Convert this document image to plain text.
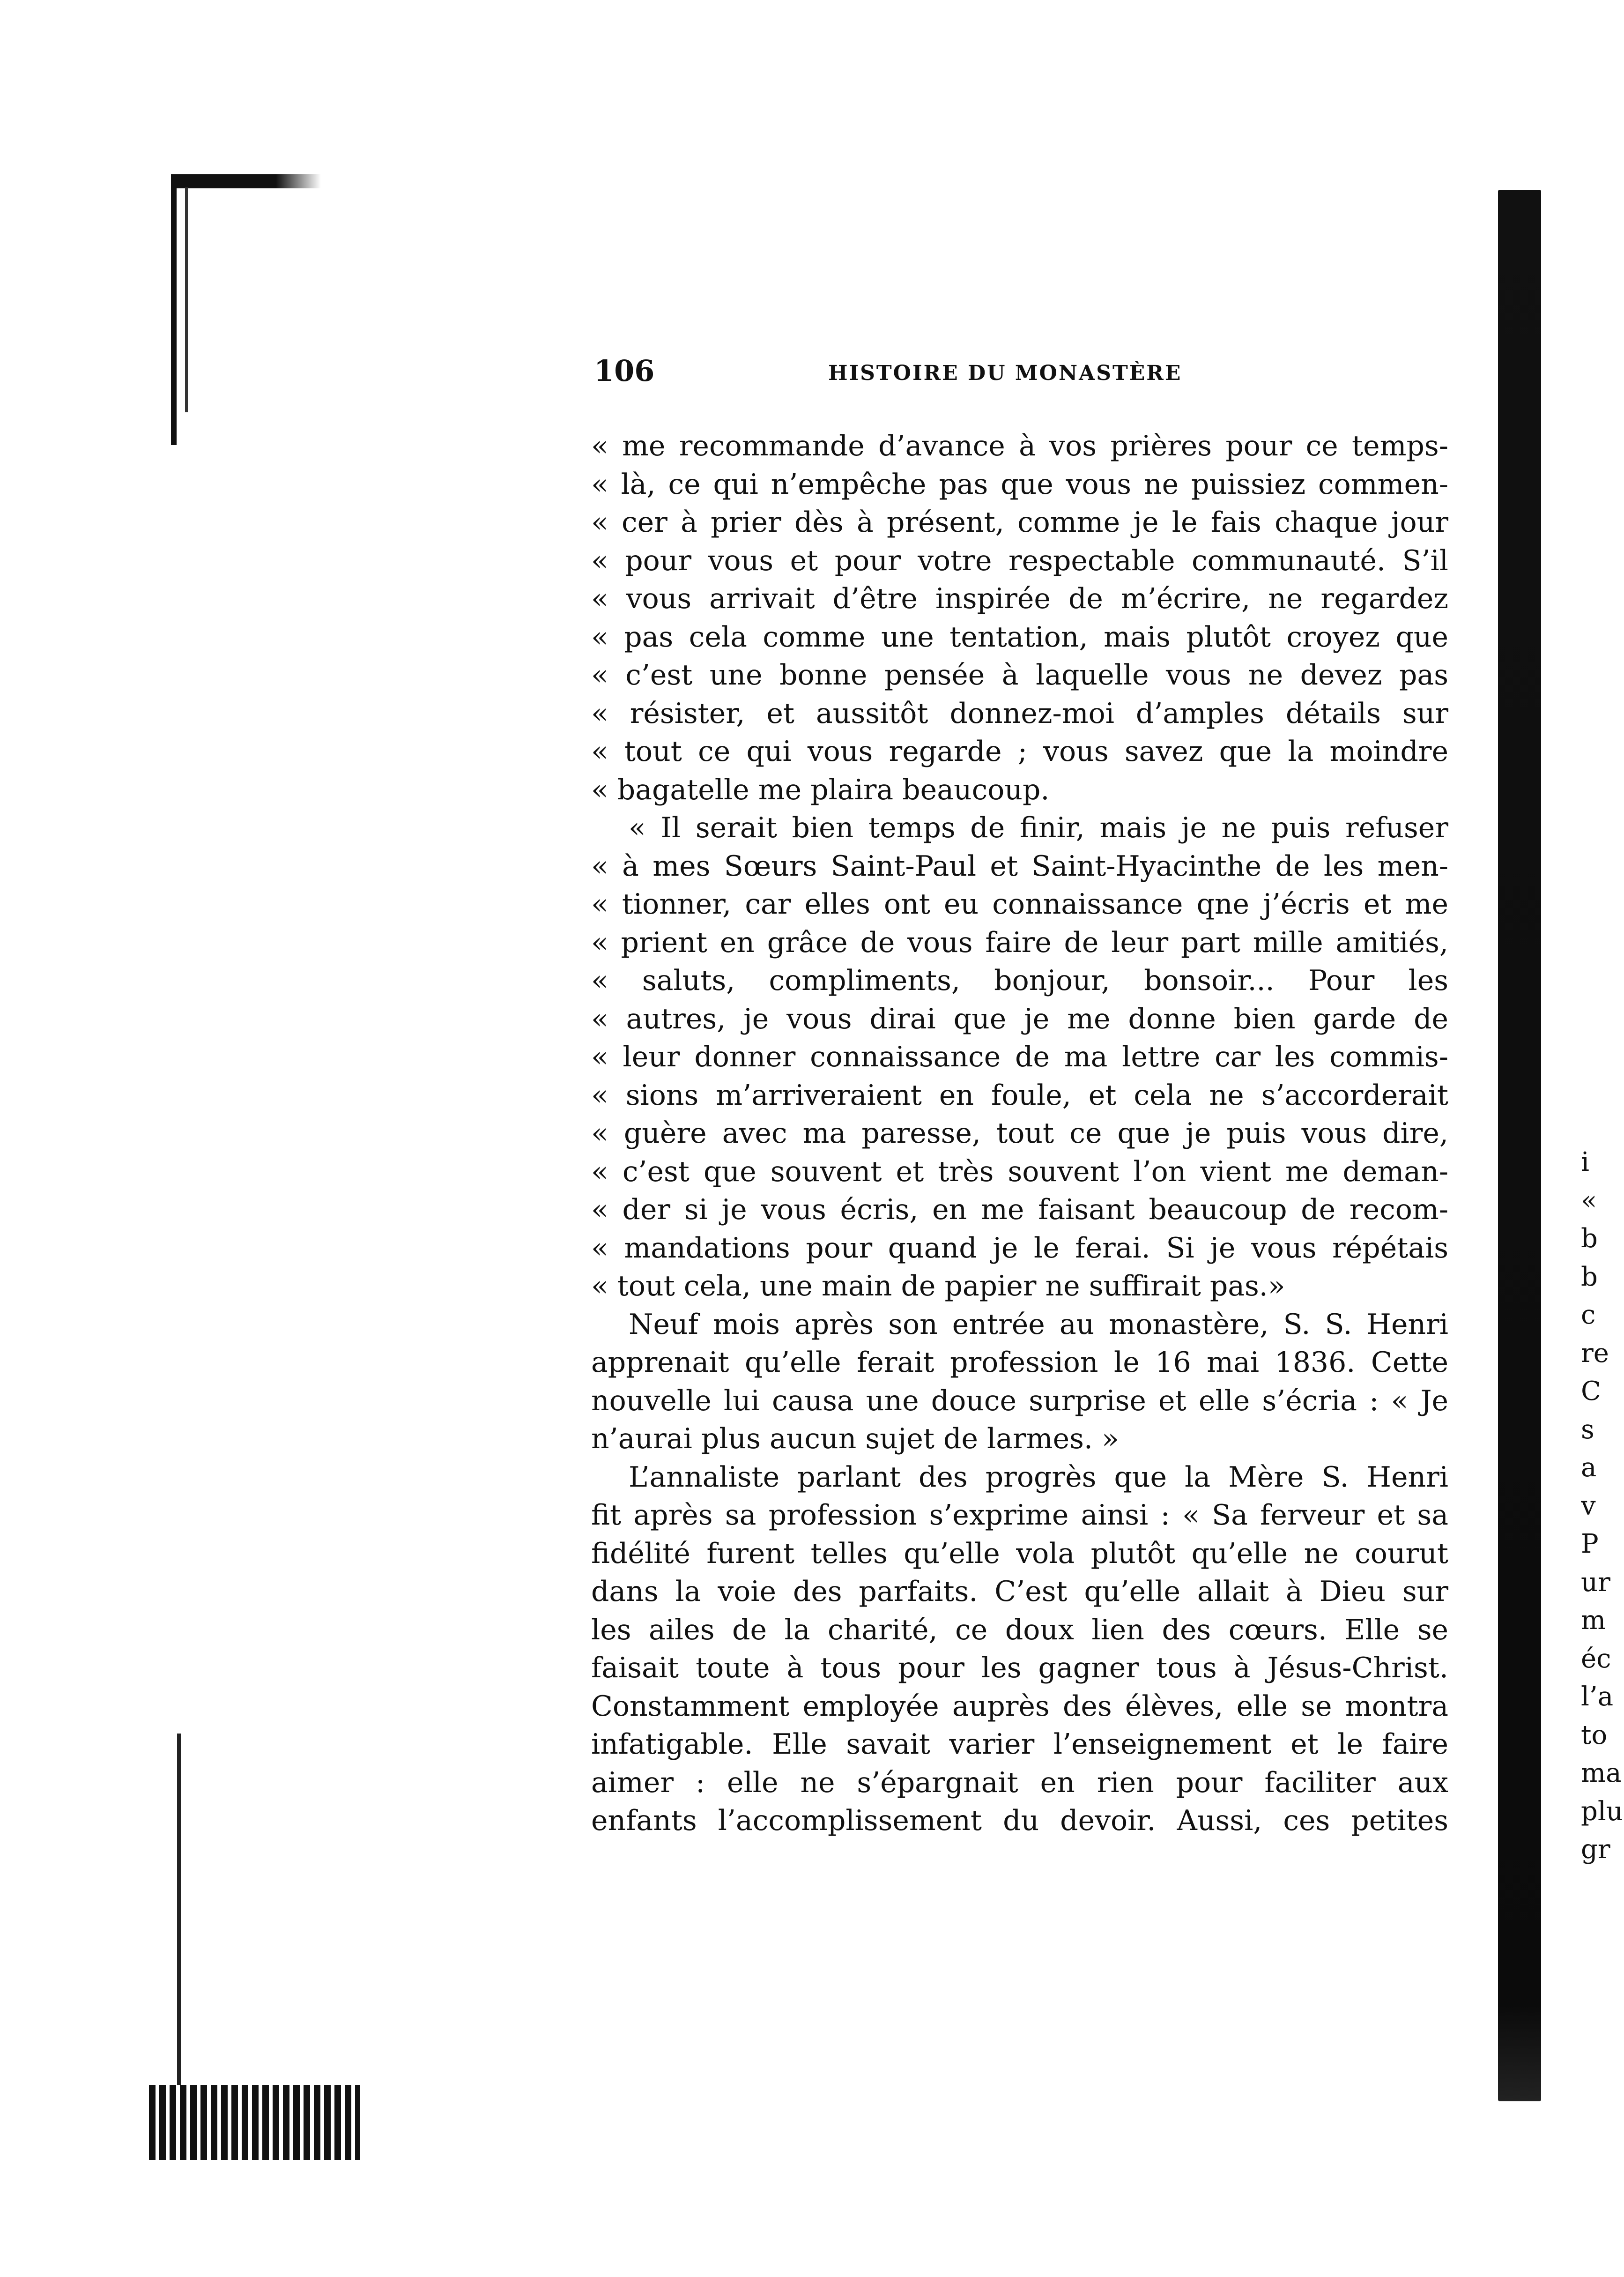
106	HISTOIRE DU MONASTÈRE
« me recommande d’avance à vos prières pour ce temps-
« là, ce qui n’empêche pas que vous ne puissiez commen-
« cer à prier dès à présent, comme je le fais chaque jour
« pour vous et pour votre respectable communauté. S’il
« vous arrivait d’être inspirée de m’écrire, ne regardez
« pas cela comme une tentation, mais plutôt croyez que
« c’est une bonne pensée à laquelle vous ne devez pas
« résister, et aussitôt donnez-moi d’amples détails sur
« tout ce qui vous regarde ; vous savez que la moindre
« bagatelle me plaira beaucoup.
« Il serait bien temps de finir, mais je ne puis refuser
« à mes Sœurs Saint-Paul et Saint-Hyacinthe de les men-
« tionner, car elles ont eu connaissance qne j’écris et me
« prient en grâce de vous faire de leur part mille amitiés,
« saluts, compliments, bonjour, bonsoir... Pour les
« autres, je vous dirai que je me donne bien garde de
« leur donner connaissance de ma lettre car les commis-
« sions m’arriveraient en foule, et cela ne s’accorderait
« guère avec ma paresse, tout ce que je puis vous dire,
« c’est que souvent et très souvent l’on vient me deman-
« der si je vous écris, en me faisant beaucoup de recom-
« mandations pour quand je le ferai. Si je vous répétais
« tout cela, une main de papier ne suffirait pas.»
Neuf mois après son entrée au monastère, S. S. Henri
apprenait qu’elle ferait profession le 16 mai 1836. Cette
nouvelle lui causa une douce surprise et elle s’écria : « Je
n’aurai plus aucun sujet de larmes. »
L’annaliste parlant des progrès que la Mère S. Henri
fit après sa profession s’exprime ainsi : « Sa ferveur et sa
fidélité furent telles qu’elle vola plutôt qu’elle ne courut
dans la voie des parfaits. C’est qu’elle allait à Dieu sur
les ailes de la charité, ce doux lien des cœurs. Elle se
faisait toute à tous pour les gagner tous à Jésus-Christ.
Constamment employée auprès des élèves, elle se montra
infatigable. Elle savait varier l’enseignement et le faire
aimer : elle ne s’épargnait en rien pour faciliter aux
enfants l’accomplissement du devoir. Aussi, ces petites
i
«
b
b
c
re
C
s
a
v
P
ur
m
éc
l’a
to
ma
plu
gr
